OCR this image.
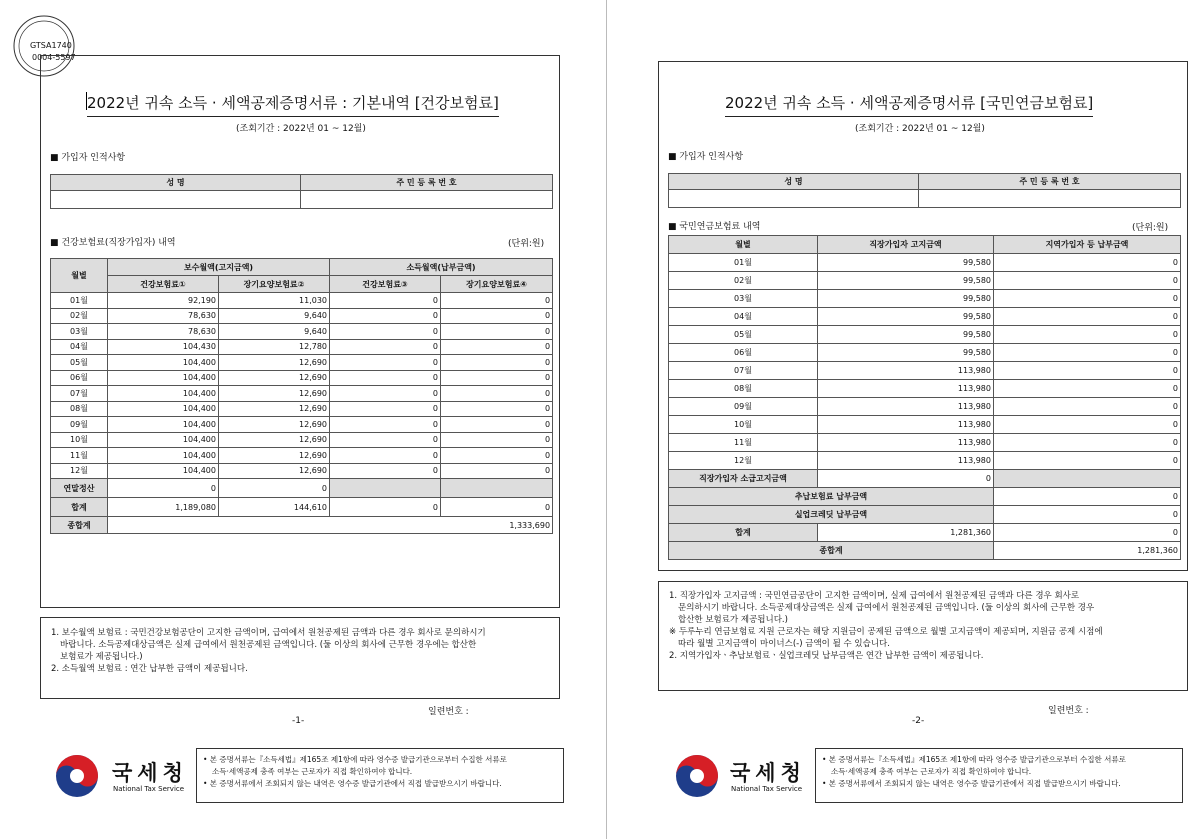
GTSA1740
0004-5597
2022년 귀속 소득 · 세액공제증명서류 : 기본내역 [건강보험료]
(조회기간 : 2022년 01 ~ 12월)
■ 가입자 인적사항
성 명	주 민 등 록 번 호

■ 건강보험료(직장가입자) 내역	(단위:원)
월별	보수월액(고지금액)		소득월액(납부금액)	
	건강보험료①	장기요양보험료②	건강보험료③	장기요양보험료④
01월	92,190	11,030	0	0
02월	78,630	9,640	0	0
03월	78,630	9,640	0	0
04월	104,430	12,780	0	0
05월	104,400	12,690	0	0
06월	104,400	12,690	0	0
07월	104,400	12,690	0	0
08월	104,400	12,690	0	0
09월	104,400	12,690	0	0
10월	104,400	12,690	0	0
11월	104,400	12,690	0	0
12월	104,400	12,690	0	0
연말정산	0	0		
합계	1,189,080	144,610	0	0
종합계	1,333,690			

1. 보수월액 보험료 : 국민건강보험공단이 고지한 금액이며, 급여에서 원천공제된 금액과 다른 경우 회사로 문의하시기

바랍니다. 소득공제대상금액은 실제 급여에서 원천공제된 금액입니다. (둘 이상의 회사에 근무한 경우에는 합산한

보험료가 제공됩니다.)

2. 소득월액 보험료 : 연간 납부한 금액이 제공됩니다.

일련번호 :
-1-
국세청
National Tax Service

• 본 증명서류는『소득세법』제165조 제1항에 따라 영수증 발급기관으로부터 수집한 서류로

소득·세액공제 충족 여부는 근로자가 직접 확인하여야 합니다.

• 본 증명서류에서 조회되지 않는 내역은 영수증 발급기관에서 직접 발급받으시기 바랍니다.

2022년 귀속 소득 · 세액공제증명서류 [국민연금보험료]
(조회기간 : 2022년 01 ~ 12월)
■ 가입자 인적사항
성 명	주 민 등 록 번 호

■ 국민연금보험료 내역	(단위:원)
월별	직장가입자 고지금액	지역가입자 등 납부금액
01월	99,580	0
02월	99,580	0
03월	99,580	0
04월	99,580	0
05월	99,580	0
06월	99,580	0
07월	113,980	0
08월	113,980	0
09월	113,980	0
10월	113,980	0
11월	113,980	0
12월	113,980	0
직장가입자 소급고지금액	0	
추납보험료 납부금액		0
실업크레딧 납부금액		0
합계	1,281,360	0
종합계		1,281,360

1. 직장가입자 고지금액 : 국민연금공단이 고지한 금액이며, 실제 급여에서 원천공제된 금액과 다른 경우 회사로

문의하시기 바랍니다. 소득공제대상금액은 실제 급여에서 원천공제된 금액입니다. (둘 이상의 회사에 근무한 경우

합산한 보험료가 제공됩니다.)

※ 두루누리 연금보험료 지원 근로자는 해당 지원금이 공제된 금액으로 월별 고지금액이 제공되며, 지원금 공제 시점에

따라 월별 고지금액이 마이너스(-) 금액이 될 수 있습니다.

2. 지역가입자ㆍ추납보험료ㆍ실업크레딧 납부금액은 연간 납부한 금액이 제공됩니다.

일련번호 :
-2-
국세청
National Tax Service

• 본 증명서류는『소득세법』제165조 제1항에 따라 영수증 발급기관으로부터 수집한 서류로

소득·세액공제 충족 여부는 근로자가 직접 확인하여야 합니다.

• 본 증명서류에서 조회되지 않는 내역은 영수증 발급기관에서 직접 발급받으시기 바랍니다.
